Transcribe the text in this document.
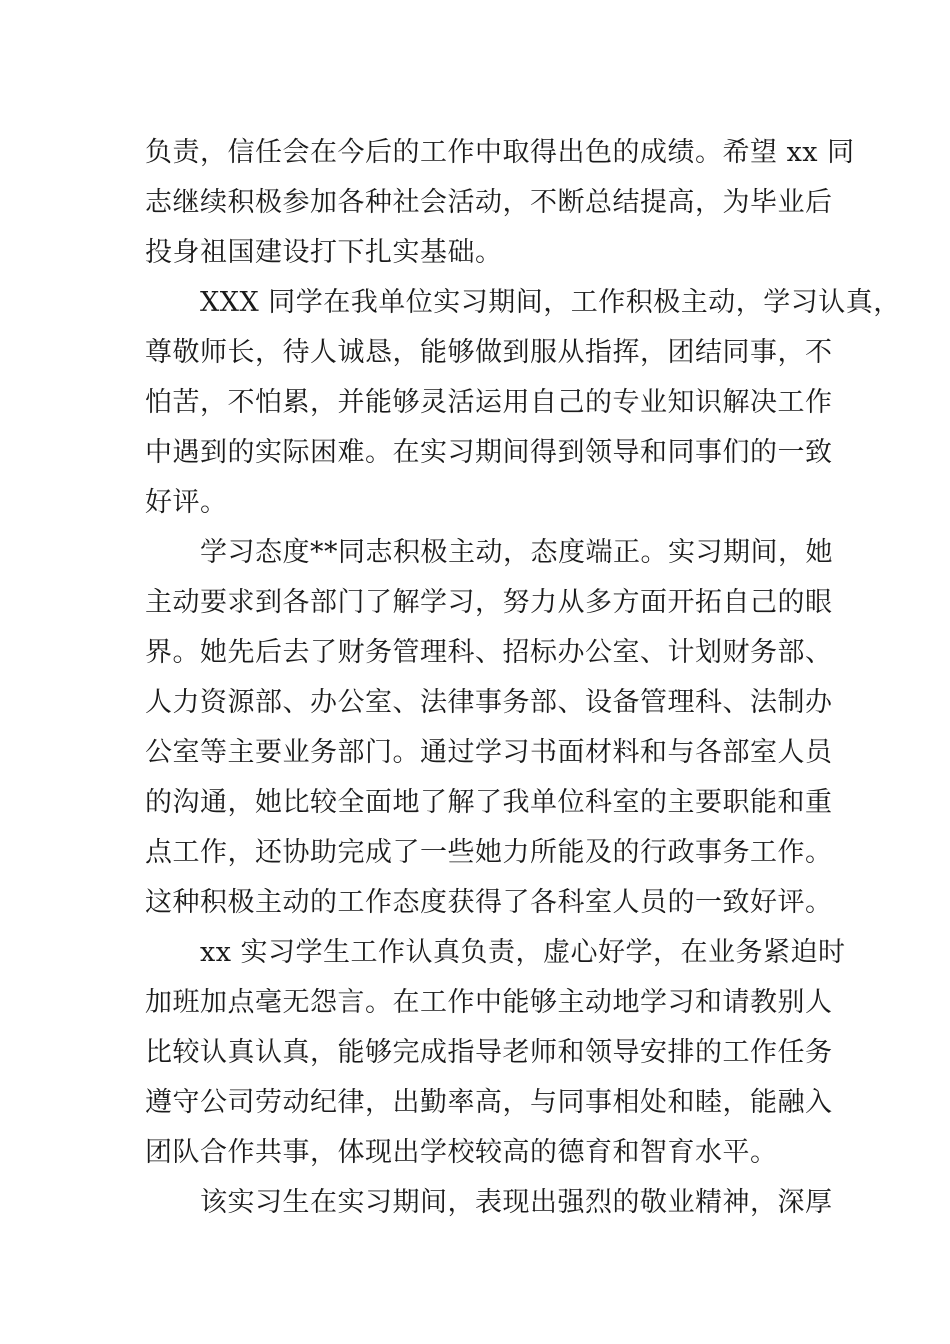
负责，信任会在今后的工作中取得出色的成绩。希望 xx 同
志继续积极参加各种社会活动，不断总结提高，为毕业后
投身祖国建设打下扎实基础。
　　XXX 同学在我单位实习期间，工作积极主动，学习认真，
尊敬师长，待人诚恳，能够做到服从指挥，团结同事，不
怕苦，不怕累，并能够灵活运用自己的专业知识解决工作
中遇到的实际困难。在实习期间得到领导和同事们的一致
好评。
　　学习态度**同志积极主动，态度端正。实习期间，她
主动要求到各部门了解学习，努力从多方面开拓自己的眼
界。她先后去了财务管理科、招标办公室、计划财务部、
人力资源部、办公室、法律事务部、设备管理科、法制办
公室等主要业务部门。通过学习书面材料和与各部室人员
的沟通，她比较全面地了解了我单位科室的主要职能和重
点工作，还协助完成了一些她力所能及的行政事务工作。
这种积极主动的工作态度获得了各科室人员的一致好评。
　　xx 实习学生工作认真负责，虚心好学，在业务紧迫时
加班加点毫无怨言。在工作中能够主动地学习和请教别人
比较认真认真，能够完成指导老师和领导安排的工作任务
遵守公司劳动纪律，出勤率高，与同事相处和睦，能融入
团队合作共事，体现出学校较高的德育和智育水平。
　　该实习生在实习期间，表现出强烈的敬业精神，深厚
